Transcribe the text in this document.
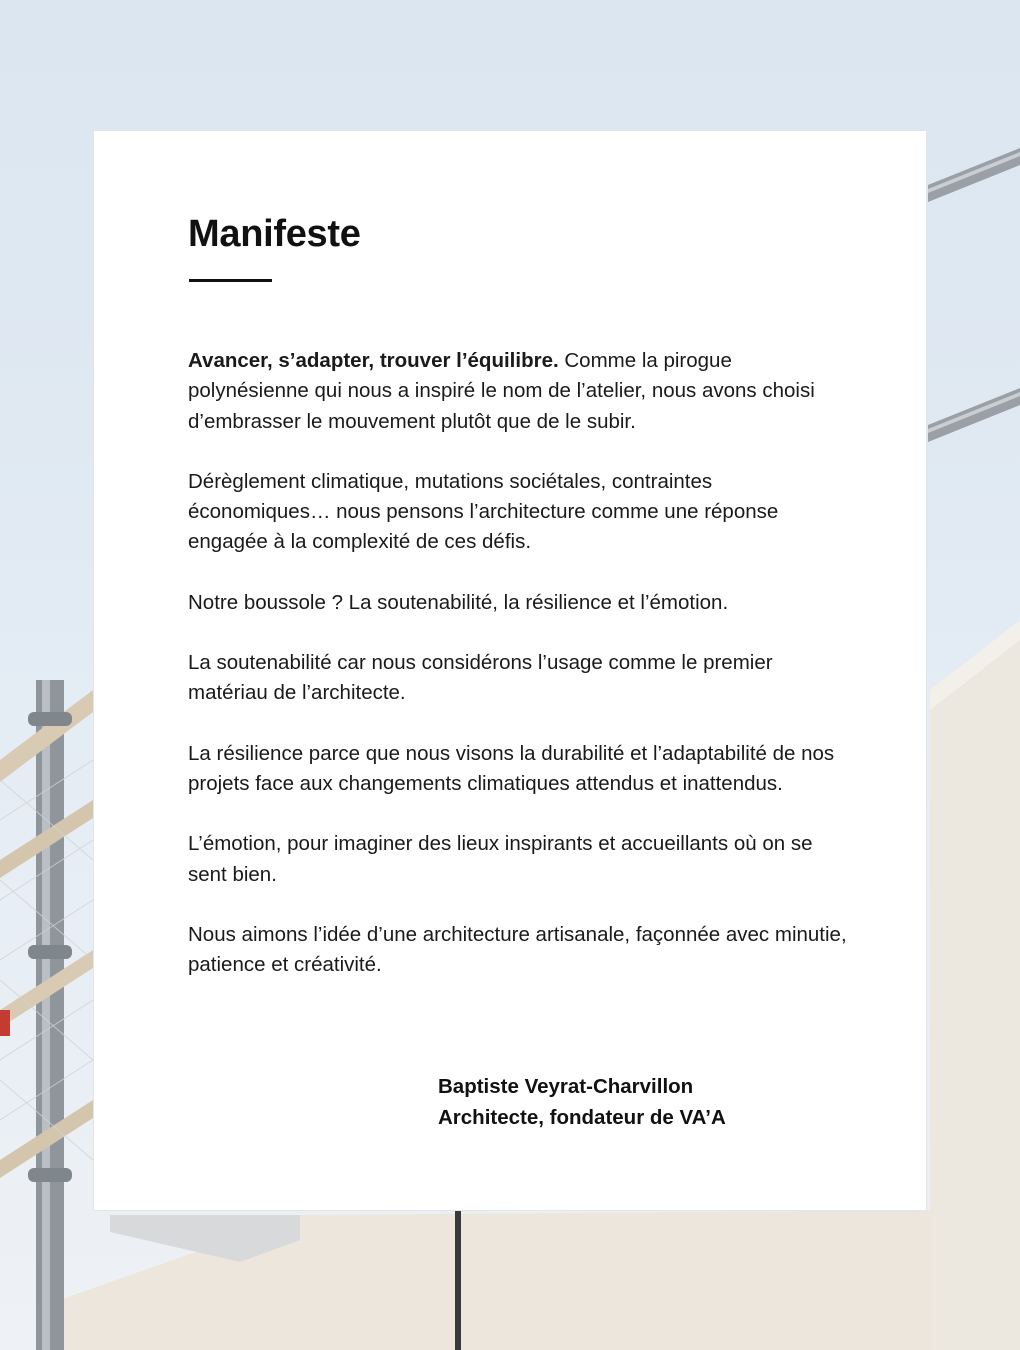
Manifeste

Avancer, s’adapter, trouver l’équilibre. Comme la pirogue polynésienne qui nous a inspiré le nom de l’atelier, nous avons choisi d’embrasser le mouvement plutôt que de le subir.

Dérèglement climatique, mutations sociétales, contraintes économiques… nous pensons l’architecture comme une réponse engagée à la complexité de ces défis.

Notre boussole ? La soutenabilité, la résilience et l’émotion.

La soutenabilité car nous considérons l’usage comme le premier matériau de l’architecte.

La résilience parce que nous visons la durabilité et l’adaptabilité de nos projets face aux changements climatiques attendus et inattendus.

L’émotion, pour imaginer des lieux inspirants et accueillants où on se sent bien.

Nous aimons l’idée d’une architecture artisanale, façonnée avec minutie, patience et créativité.

Baptiste Veyrat-Charvillon
Architecte, fondateur de VA’A
